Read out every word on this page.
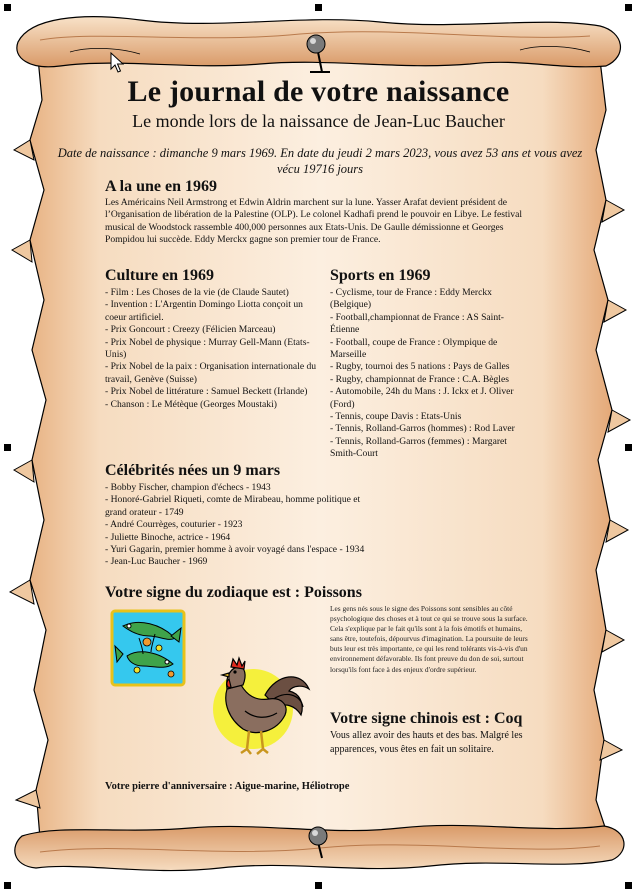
Le journal de votre naissance
Le monde lors de la naissance de Jean-Luc Baucher
Date de naissance : dimanche 9 mars 1969. En date du jeudi 2 mars 2023, vous avez 53 ans et vous avez vécu 19716 jours
A la une en 1969
Les Américains Neil Armstrong et Edwin Aldrin marchent sur la lune. Yasser Arafat devient président de l’Organisation de libération de la Palestine (OLP). Le colonel Kadhafi prend le pouvoir en Libye. Le festival musical de Woodstock rassemble 400,000 personnes aux Etats-Unis. De Gaulle démissionne et Georges Pompidou lui succède. Eddy Merckx gagne son premier tour de France.
Culture en 1969
- Film : Les Choses de la vie (de Claude Sautet)
- Invention : L'Argentin Domingo Liotta conçoit un coeur artificiel.
- Prix Goncourt : Creezy (Félicien Marceau)
- Prix Nobel de physique : Murray Gell-Mann (Etats-Unis)
- Prix Nobel de la paix : Organisation internationale du travail, Genève (Suisse)
- Prix Nobel de littérature : Samuel Beckett (Irlande)
- Chanson : Le Métèque (Georges Moustaki)
Sports en 1969
- Cyclisme, tour de France : Eddy Merckx (Belgique)
- Football,championnat de France : AS Saint-Étienne
- Football, coupe de France : Olympique de Marseille
- Rugby, tournoi des 5 nations : Pays de Galles
- Rugby, championnat de France : C.A. Bègles
- Automobile, 24h du Mans : J. Ickx et J. Oliver (Ford)
- Tennis, coupe Davis : Etats-Unis
- Tennis, Rolland-Garros (hommes) : Rod Laver
- Tennis, Rolland-Garros (femmes) : Margaret Smith-Court
Célébrités nées un 9 mars
- Bobby Fischer, champion d'échecs - 1943
- Honoré-Gabriel Riqueti, comte de Mirabeau, homme politique et grand orateur - 1749
- André Courrèges, couturier - 1923
- Juliette Binoche, actrice - 1964
- Yuri Gagarin, premier homme à avoir voyagé dans l'espace - 1934
- Jean-Luc Baucher - 1969
Votre signe du zodiaque est : Poissons
Les gens nés sous le signe des Poissons sont sensibles au côté psychologique des choses et à tout ce qui se trouve sous la surface. Cela s'explique par le fait qu'ils sont à la fois émotifs et humains, sans être, toutefois, dépourvus d'imagination. La poursuite de leurs buts leur est très importante, ce qui les rend tolérants vis-à-vis d'un environnement défavorable. Ils font preuve du don de soi, surtout lorsqu'ils font face à des enjeux d'ordre supérieur.
Votre signe chinois est : Coq
Vous allez avoir des hauts et des bas. Malgré les apparences, vous êtes en fait un solitaire.
Votre pierre d'anniversaire : Aigue-marine, Héliotrope
